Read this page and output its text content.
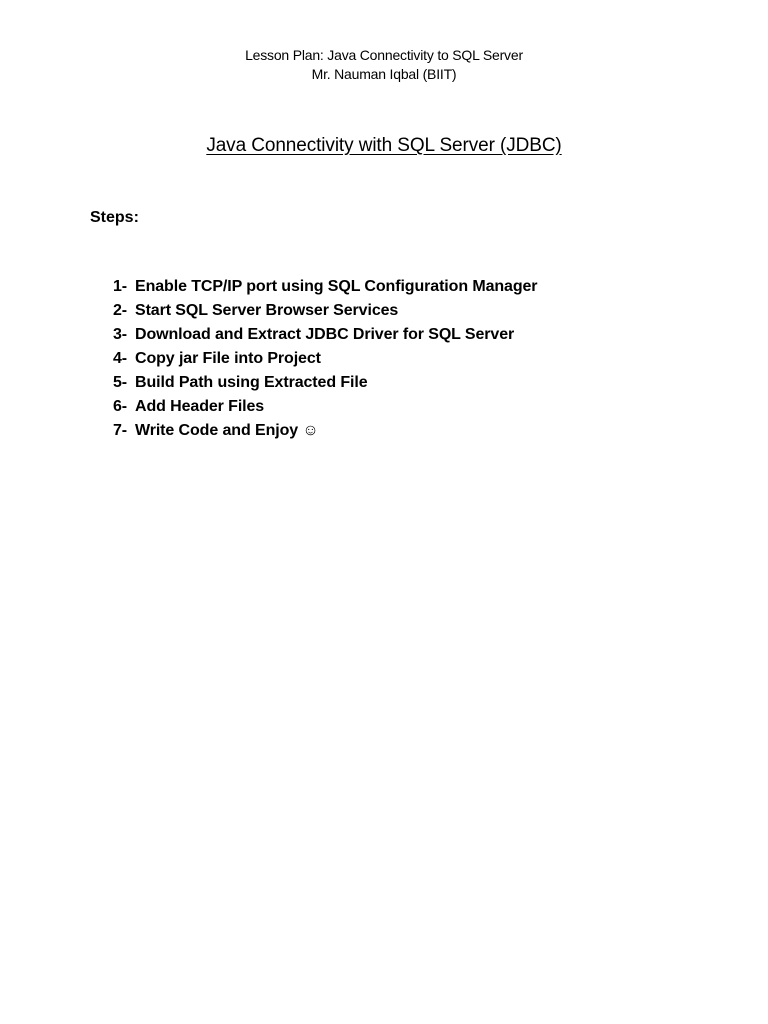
Lesson Plan: Java Connectivity to SQL Server
Mr. Nauman Iqbal (BIIT)
Java Connectivity with SQL Server (JDBC)
Steps:
1- Enable TCP/IP port using SQL Configuration Manager
2- Start SQL Server Browser Services
3- Download and Extract JDBC Driver for SQL Server
4- Copy jar File into Project
5- Build Path using Extracted File
6- Add Header Files
7- Write Code and Enjoy ☺
